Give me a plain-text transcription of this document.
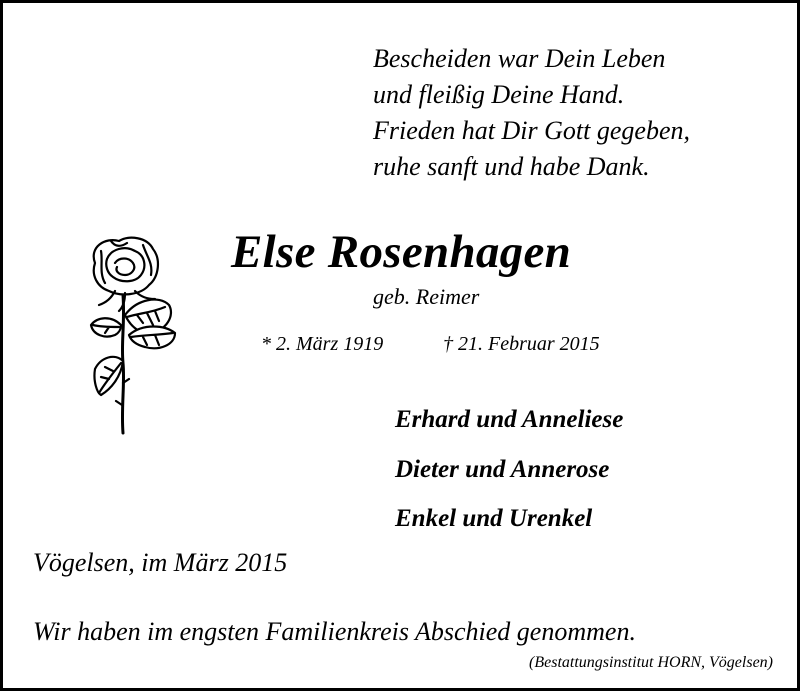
Bescheiden war Dein Leben
und fleißig Deine Hand.
Frieden hat Dir Gott gegeben,
ruhe sanft und habe Dank.
Else Rosenhagen
geb. Reimer
* 2. März 1919	† 21. Februar 2015
Erhard und Anneliese
Dieter und Annerose
Enkel und Urenkel
Vögelsen, im März 2015
Wir haben im engsten Familienkreis Abschied genommen.
(Bestattungsinstitut HORN, Vögelsen)
